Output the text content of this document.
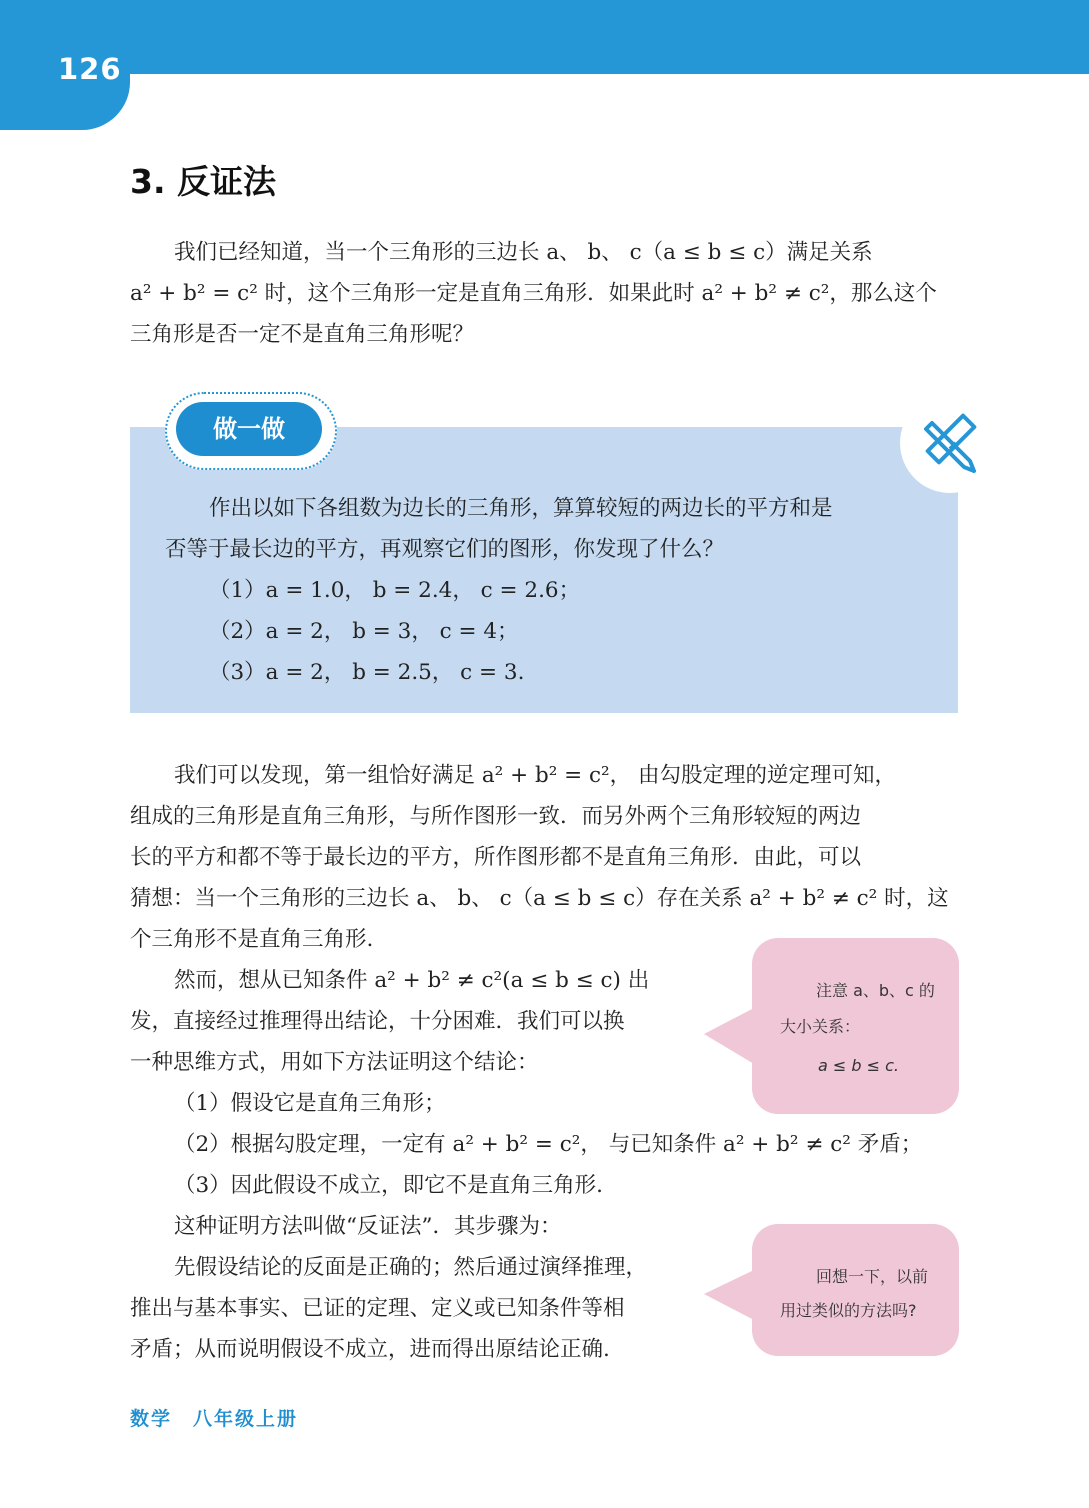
126
3. 反证法
我们已经知道，当一个三角形的三边长 a、 b、 c（a ≤ b ≤ c）满足关系
a² + b² = c² 时，这个三角形一定是直角三角形．如果此时 a² + b² ≠ c²，那么这个
三角形是否一定不是直角三角形呢？
做一做
作出以如下各组数为边长的三角形，算算较短的两边长的平方和是
否等于最长边的平方，再观察它们的图形，你发现了什么？
（1）a = 1.0， b = 2.4， c = 2.6；
（2）a = 2， b = 3， c = 4；
（3）a = 2， b = 2.5， c = 3.
我们可以发现，第一组恰好满足 a² + b² = c²， 由勾股定理的逆定理可知，
组成的三角形是直角三角形，与所作图形一致．而另外两个三角形较短的两边
长的平方和都不等于最长边的平方，所作图形都不是直角三角形．由此，可以
猜想：当一个三角形的三边长 a、 b、 c（a ≤ b ≤ c）存在关系 a² + b² ≠ c² 时，这
个三角形不是直角三角形.
然而，想从已知条件 a² + b² ≠ c²(a ≤ b ≤ c) 出
发，直接经过推理得出结论，十分困难．我们可以换
一种思维方式，用如下方法证明这个结论：
（1）假设它是直角三角形；
（2）根据勾股定理，一定有 a² + b² = c²， 与已知条件 a² + b² ≠ c² 矛盾；
（3）因此假设不成立，即它不是直角三角形.
这种证明方法叫做“反证法”．其步骤为：
先假设结论的反面是正确的；然后通过演绎推理，
推出与基本事实、已证的定理、定义或已知条件等相
矛盾；从而说明假设不成立，进而得出原结论正确.
注意 a、b、c 的
大小关系：
a ≤ b ≤ c.
回想一下，以前
用过类似的方法吗?
数学　八年级上册
